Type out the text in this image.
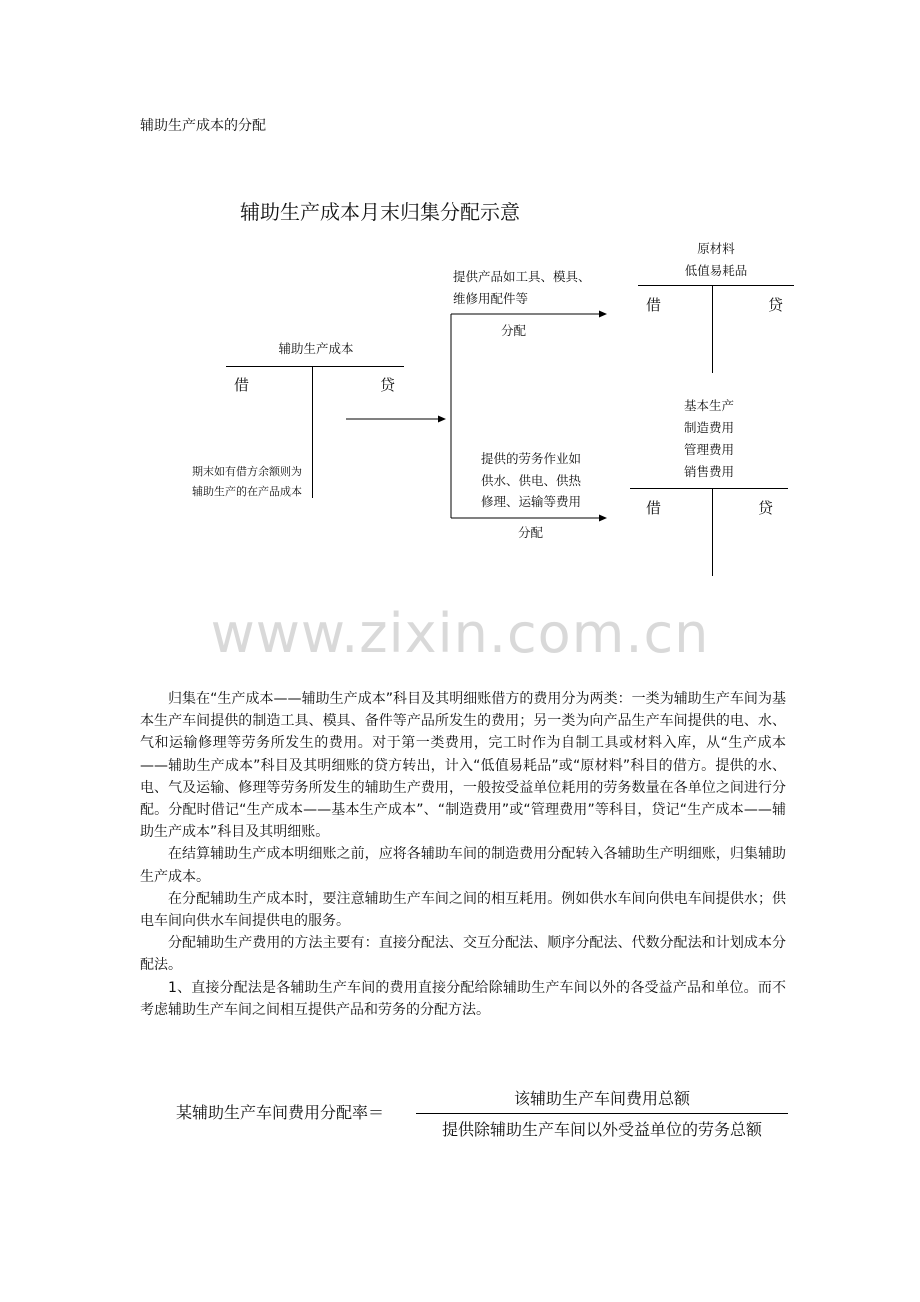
辅助生产成本的分配
辅助生产成本月末归集分配示意
辅助生产成本
借	贷
期末如有借方余额则为
辅助生产的在产品成本
提供产品如工具、模具、
维修用配件等
分配
提供的劳务作业如
供水、供电、供热
修理、运输等费用
分配
原材料
低值易耗品
借	贷
基本生产
制造费用
管理费用
销售费用
借	贷
www.zixin.com.cn

归集在“生产成本——辅助生产成本”科目及其明细账借方的费用分为两类：一类为辅助生产车间为基本生产车间提供的制造工具、模具、备件等产品所发生的费用；另一类为向产品生产车间提供的电、水、气和运输修理等劳务所发生的费用。对于第一类费用，完工时作为自制工具或材料入库，从“生产成本——辅助生产成本”科目及其明细账的贷方转出，计入“低值易耗品”或“原材料”科目的借方。提供的水、电、气及运输、修理等劳务所发生的辅助生产费用，一般按受益单位耗用的劳务数量在各单位之间进行分配。分配时借记“生产成本——基本生产成本”、“制造费用”或“管理费用”等科目，贷记“生产成本——辅助生产成本”科目及其明细账。

在结算辅助生产成本明细账之前，应将各辅助车间的制造费用分配转入各辅助生产明细账，归集辅助生产成本。

在分配辅助生产成本时，要注意辅助生产车间之间的相互耗用。例如供水车间向供电车间提供水；供电车间向供水车间提供电的服务。

分配辅助生产费用的方法主要有：直接分配法、交互分配法、顺序分配法、代数分配法和计划成本分配法。

1、直接分配法是各辅助生产车间的费用直接分配给除辅助生产车间以外的各受益产品和单位。而不考虑辅助生产车间之间相互提供产品和劳务的分配方法。

某辅助生产车间费用分配率＝
该辅助生产车间费用总额
提供除辅助生产车间以外受益单位的劳务总额
